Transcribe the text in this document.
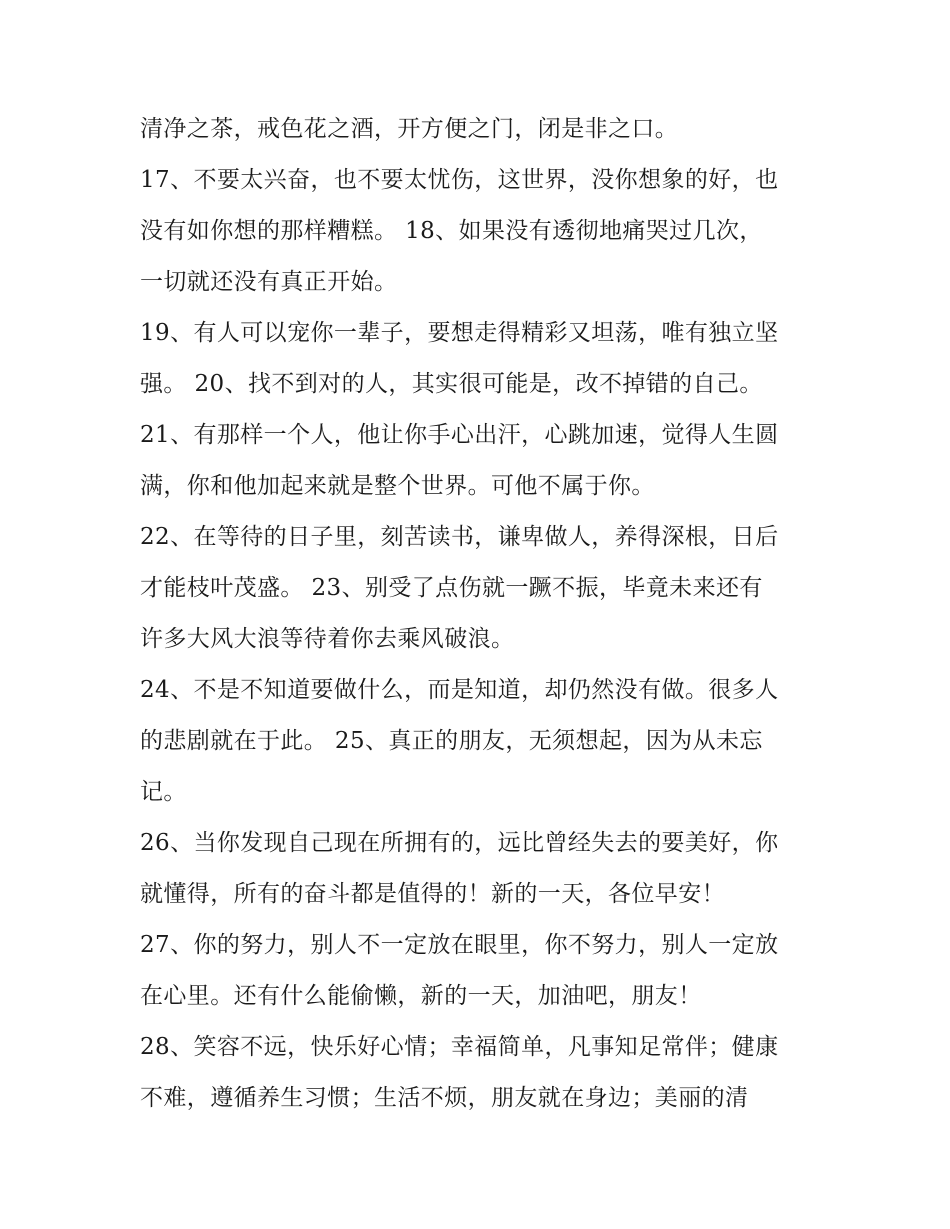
清净之茶，戒色花之酒，开方便之门，闭是非之口。
17、不要太兴奋，也不要太忧伤，这世界，没你想象的好，也
没有如你想的那样糟糕。 18、如果没有透彻地痛哭过几次，
一切就还没有真正开始。
19、有人可以宠你一辈子，要想走得精彩又坦荡，唯有独立坚
强。 20、找不到对的人，其实很可能是，改不掉错的自己。
21、有那样一个人，他让你手心出汗，心跳加速，觉得人生圆
满，你和他加起来就是整个世界。可他不属于你。
22、在等待的日子里，刻苦读书，谦卑做人，养得深根，日后
才能枝叶茂盛。 23、别受了点伤就一蹶不振，毕竟未来还有
许多大风大浪等待着你去乘风破浪。
24、不是不知道要做什么，而是知道，却仍然没有做。很多人
的悲剧就在于此。 25、真正的朋友，无须想起，因为从未忘
记。
26、当你发现自己现在所拥有的，远比曾经失去的要美好，你
就懂得，所有的奋斗都是值得的！新的一天，各位早安！
27、你的努力，别人不一定放在眼里，你不努力，别人一定放
在心里。还有什么能偷懒，新的一天，加油吧，朋友！
28、笑容不远，快乐好心情；幸福简单，凡事知足常伴；健康
不难，遵循养生习惯；生活不烦，朋友就在身边；美丽的清
